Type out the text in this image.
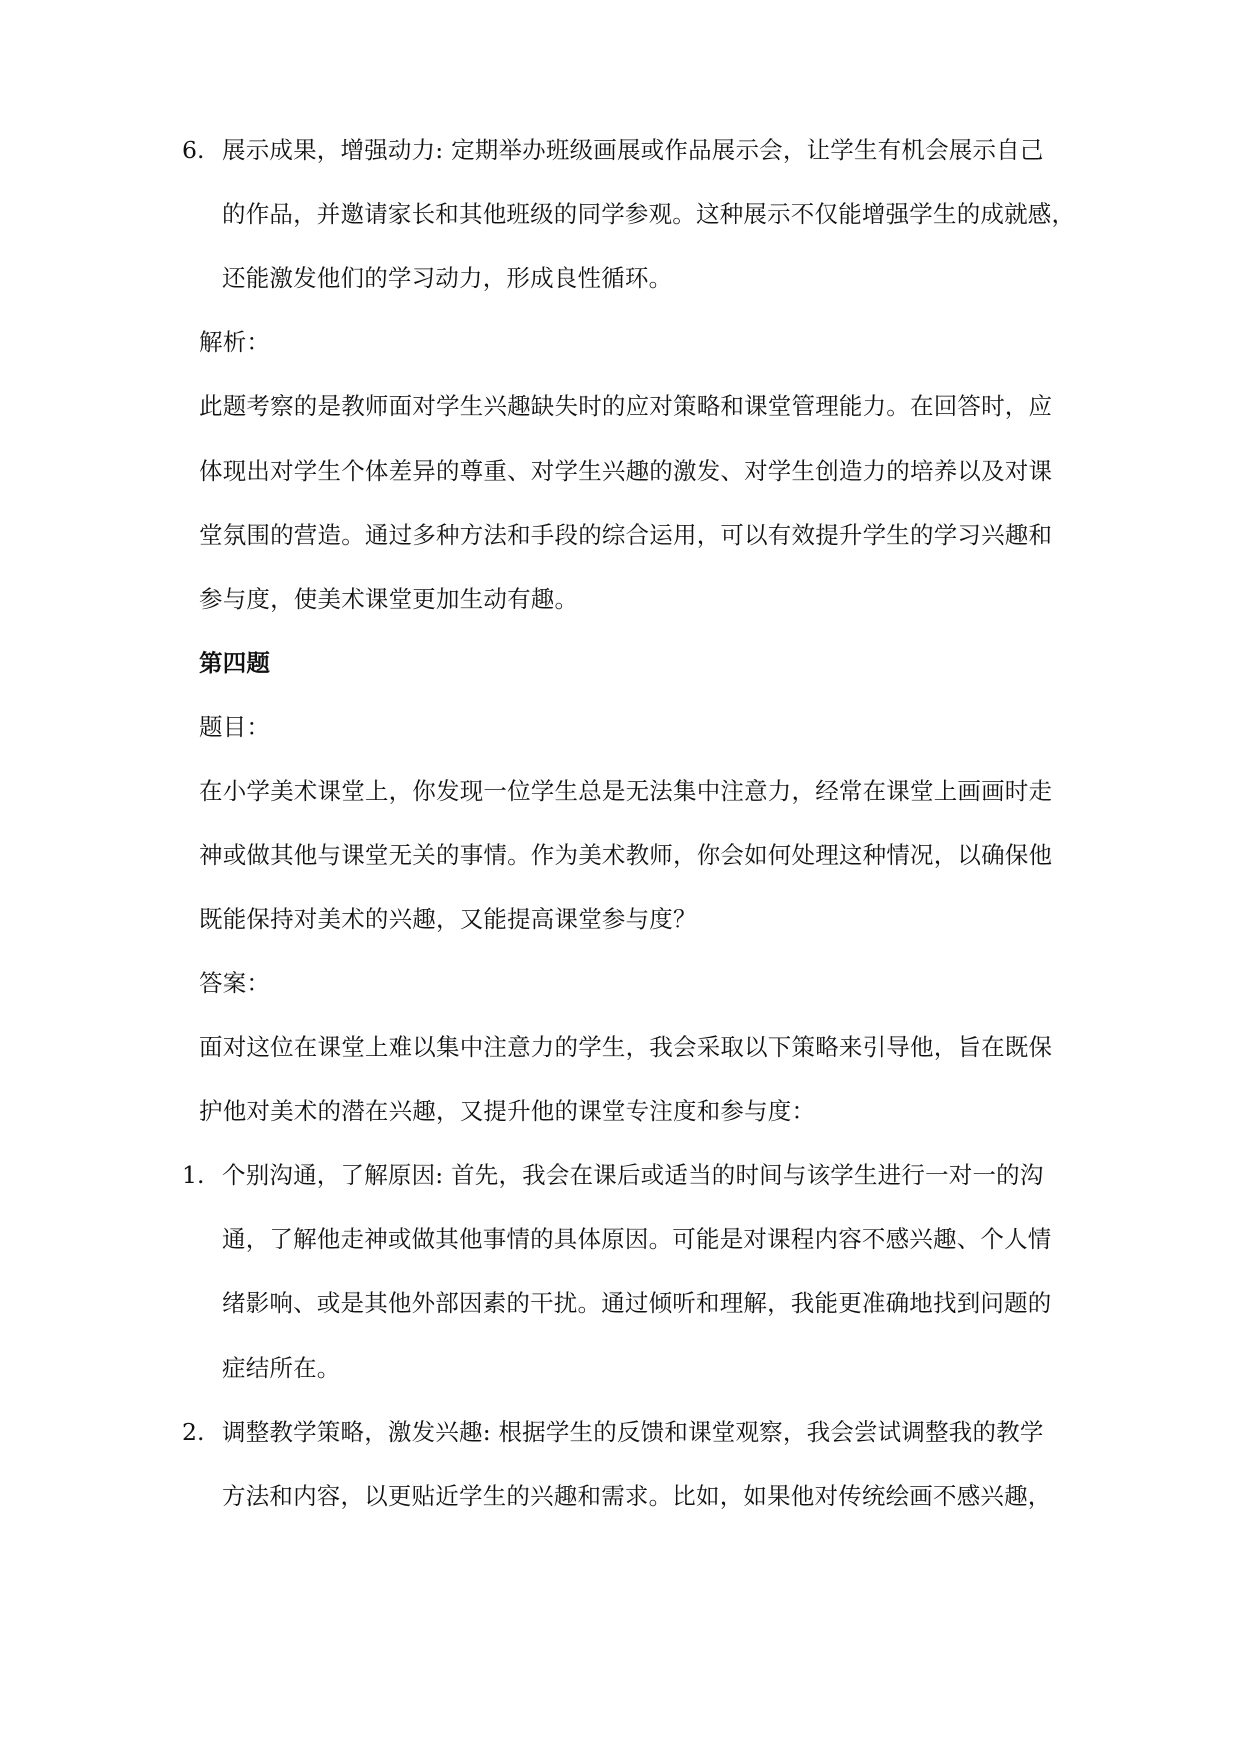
6. 展示成果，增强动力: 定期举办班级画展或作品展示会，让学生有机会展示自己
的作品，并邀请家长和其他班级的同学参观。这种展示不仅能增强学生的成就感，
还能激发他们的学习动力，形成良性循环。
解析：
此题考察的是教师面对学生兴趣缺失时的应对策略和课堂管理能力。在回答时，应
体现出对学生个体差异的尊重、对学生兴趣的激发、对学生创造力的培养以及对课
堂氛围的营造。通过多种方法和手段的综合运用，可以有效提升学生的学习兴趣和
参与度，使美术课堂更加生动有趣。
第四题
题目：
在小学美术课堂上，你发现一位学生总是无法集中注意力，经常在课堂上画画时走
神或做其他与课堂无关的事情。作为美术教师，你会如何处理这种情况，以确保他
既能保持对美术的兴趣，又能提高课堂参与度？
答案：
面对这位在课堂上难以集中注意力的学生，我会采取以下策略来引导他，旨在既保
护他对美术的潜在兴趣，又提升他的课堂专注度和参与度：
1. 个别沟通，了解原因: 首先，我会在课后或适当的时间与该学生进行一对一的沟
通，了解他走神或做其他事情的具体原因。可能是对课程内容不感兴趣、个人情
绪影响、或是其他外部因素的干扰。通过倾听和理解，我能更准确地找到问题的
症结所在。
2. 调整教学策略，激发兴趣: 根据学生的反馈和课堂观察，我会尝试调整我的教学
方法和内容，以更贴近学生的兴趣和需求。比如，如果他对传统绘画不感兴趣，
